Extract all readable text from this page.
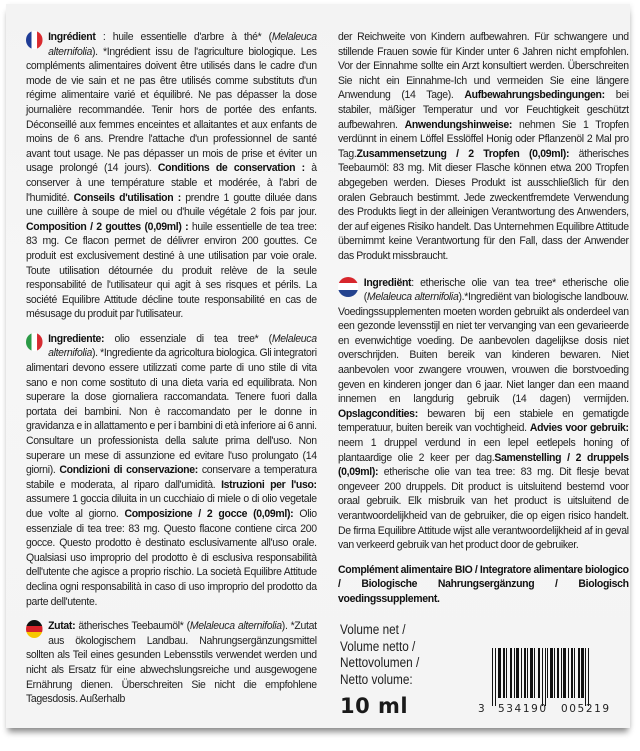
Ingrédient : huile essentielle d'arbre à thé* (Melaleuca alternifolia). *Ingrédient issu de l'agriculture biologique. Les compléments alimentaires doivent être utilisés dans le cadre d'un mode de vie sain et ne pas être utilisés comme substituts d'un régime alimentaire varié et équilibré. Ne pas dépasser la dose journalière recommandée. Tenir hors de portée des enfants. Déconseillé aux femmes enceintes et allaitantes et aux enfants de moins de 6 ans. Prendre l'attache d'un professionnel de santé avant tout usage. Ne pas dépasser un mois de prise et éviter un usage prolongé (14 jours). Conditions de conservation : à conserver à une température stable et modérée, à l'abri de l'humidité. Conseils d'utilisation : prendre 1 goutte diluée dans une cuillère à soupe de miel ou d'huile végétale 2 fois par jour. Composition / 2 gouttes (0,09ml) : huile essentielle de tea tree: 83 mg. Ce flacon permet de délivrer environ 200 gouttes. Ce produit est exclusivement destiné à une utilisation par voie orale. Toute utilisation détournée du produit relève de la seule responsabilité de l'utilisateur qui agit à ses risques et périls. La société Equilibre Attitude décline toute responsabilité en cas de mésusage du produit par l'utilisateur.

Ingrediente: olio essenziale di tea tree* (Melaleuca alternifolia). *Ingrediente da agricoltura biologica. Gli integratori alimentari devono essere utilizzati come parte di uno stile di vita sano e non come sostituto di una dieta varia ed equilibrata. Non superare la dose giornaliera raccomandata. Tenere fuori dalla portata dei bambini. Non è raccomandato per le donne in gravidanza e in allattamento e per i bambini di età inferiore ai 6 anni. Consultare un professionista della salute prima dell'uso. Non superare un mese di assunzione ed evitare l'uso prolungato (14 giorni). Condizioni di conservazione: conservare a temperatura stabile e moderata, al riparo dall'umidità. Istruzioni per l'uso: assumere 1 goccia diluita in un cucchiaio di miele o di olio vegetale due volte al giorno. Composizione / 2 gocce (0,09ml): Olio essenziale di tea tree: 83 mg. Questo flacone contiene circa 200 gocce. Questo prodotto è destinato esclusivamente all'uso orale. Qualsiasi uso improprio del prodotto è di esclusiva responsabilità dell'utente che agisce a proprio rischio. La società Equilibre Attitude declina ogni responsabilità in caso di uso improprio del prodotto da parte dell'utente.

Zutat: ätherisches Teebaumöl* (Melaleuca alternifolia). *Zutat aus ökologischem Landbau. Nahrungsergänzungsmittel sollten als Teil eines gesunden Lebensstils verwendet werden und nicht als Ersatz für eine abwechslungsreiche und ausgewogene Ernährung dienen. Überschreiten Sie nicht die empfohlene Tagesdosis. Außerhalb

der Reichweite von Kindern aufbewahren. Für schwangere und stillende Frauen sowie für Kinder unter 6 Jahren nicht empfohlen. Vor der Einnahme sollte ein Arzt konsultiert werden. Überschreiten Sie nicht ein Einnahme-Ich und vermeiden Sie eine längere Anwendung (14 Tage). Aufbewahrungsbedingungen: bei stabiler, mäßiger Temperatur und vor Feuchtigkeit geschützt aufbewahren. Anwendungshinweise: nehmen Sie 1 Tropfen verdünnt in einem Löffel Esslöffel Honig oder Pflanzenöl 2 Mal pro Tag.Zusammensetzung / 2 Tropfen (0,09ml): ätherisches Teebaumöl: 83 mg. Mit dieser Flasche können etwa 200 Tropfen abgegeben werden. Dieses Produkt ist ausschließlich für den oralen Gebrauch bestimmt. Jede zweckentfremdete Verwendung des Produkts liegt in der alleinigen Verantwortung des Anwenders, der auf eigenes Risiko handelt. Das Unternehmen Equilibre Attitude übernimmt keine Verantwortung für den Fall, dass der Anwender das Produkt missbraucht.

Ingrediënt: etherische olie van tea tree* etherische olie (Melaleuca alternifolia).*Ingrediënt van biologische landbouw. Voedingssupplementen moeten worden gebruikt als onderdeel van een gezonde levensstijl en niet ter vervanging van een gevarieerde en evenwichtige voeding. De aanbevolen dagelijkse dosis niet overschrijden. Buiten bereik van kinderen bewaren. Niet aanbevolen voor zwangere vrouwen, vrouwen die borstvoeding geven en kinderen jonger dan 6 jaar. Niet langer dan een maand innemen en langdurig gebruik (14 dagen) vermijden. Opslagcondities: bewaren bij een stabiele en gematigde temperatuur, buiten bereik van vochtigheid. Advies voor gebruik: neem 1 druppel verdund in een lepel eetlepels honing of plantaardige olie 2 keer per dag.Samenstelling / 2 druppels (0,09ml): etherische olie van tea tree: 83 mg. Dit flesje bevat ongeveer 200 druppels. Dit product is uitsluitend bestemd voor oraal gebruik. Elk misbruik van het product is uitsluitend de verantwoordelijkheid van de gebruiker, die op eigen risico handelt. De firma Equilibre Attitude wijst alle verantwoordelijkheid af in geval van verkeerd gebruik van het product door de gebruiker.

Complément alimentaire BIO / Integratore alimentare biologico / Biologische Nahrungsergänzung / Biologisch voedingssupplement.

Volume net /
Volume netto /
Nettovolumen /
Netto volume:
10 ml	3 534190 005219
